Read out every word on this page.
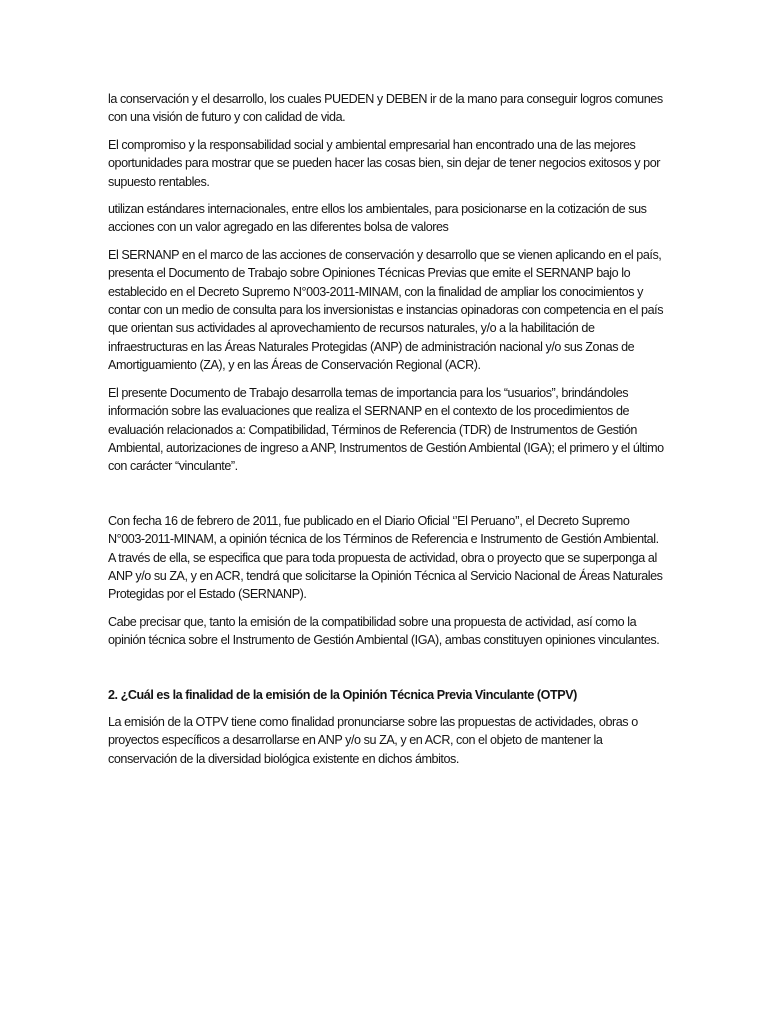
la conservación y el desarrollo, los cuales PUEDEN y DEBEN ir de la mano para conseguir logros comunes con una visión de futuro y con calidad de vida.

El compromiso y la responsabilidad social y ambiental empresarial han encontrado una de las mejores oportunidades para mostrar que se pueden hacer las cosas bien, sin dejar de tener negocios exitosos y por supuesto rentables.

utilizan estándares internacionales, entre ellos los ambientales, para posicionarse en la cotización de sus acciones con un valor agregado en las diferentes bolsa de valores

El SERNANP en el marco de las acciones de conservación y desarrollo que se vienen aplicando en el país, presenta el Documento de Trabajo sobre Opiniones Técnicas Previas que emite el SERNANP bajo lo establecido en el Decreto Supremo N°003-2011-MINAM, con la finalidad de ampliar los conocimientos y contar con un medio de consulta para los inversionistas e instancias opinadoras con competencia en el país que orientan sus actividades al aprovechamiento de recursos naturales, y/o a la habilitación de infraestructuras en las Áreas Naturales Protegidas (ANP) de administración nacional y/o sus Zonas de Amortiguamiento (ZA), y en las Áreas de Conservación Regional (ACR).

El presente Documento de Trabajo desarrolla temas de importancia para los “usuarios”, brindándoles información sobre las evaluaciones que realiza el SERNANP en el contexto de los procedimientos de evaluación relacionados a: Compatibilidad, Términos de Referencia (TDR) de Instrumentos de Gestión Ambiental, autorizaciones de ingreso a ANP, Instrumentos de Gestión Ambiental (IGA); el primero y el último con carácter “vinculante”.

Con fecha 16 de febrero de 2011, fue publicado en el Diario Oficial ‘’El Peruano’’, el Decreto Supremo N°003-2011-MINAM, a opinión técnica de los Términos de Referencia e Instrumento de Gestión Ambiental. A través de ella, se especifica que para toda propuesta de actividad, obra o proyecto que se superponga al ANP y/o su ZA, y en ACR, tendrá que solicitarse la Opinión Técnica al Servicio Nacional de Áreas Naturales Protegidas por el Estado (SERNANP).

Cabe precisar que, tanto la emisión de la compatibilidad sobre una propuesta de actividad, así como la opinión técnica sobre el Instrumento de Gestión Ambiental (IGA), ambas constituyen opiniones vinculantes.

2. ¿Cuál es la finalidad de la emisión de la Opinión Técnica Previa Vinculante (OTPV)

La emisión de la OTPV tiene como finalidad pronunciarse sobre las propuestas de actividades, obras o proyectos específicos a desarrollarse en ANP y/o su ZA, y en ACR, con el objeto de mantener la conservación de la diversidad biológica existente en dichos ámbitos.
